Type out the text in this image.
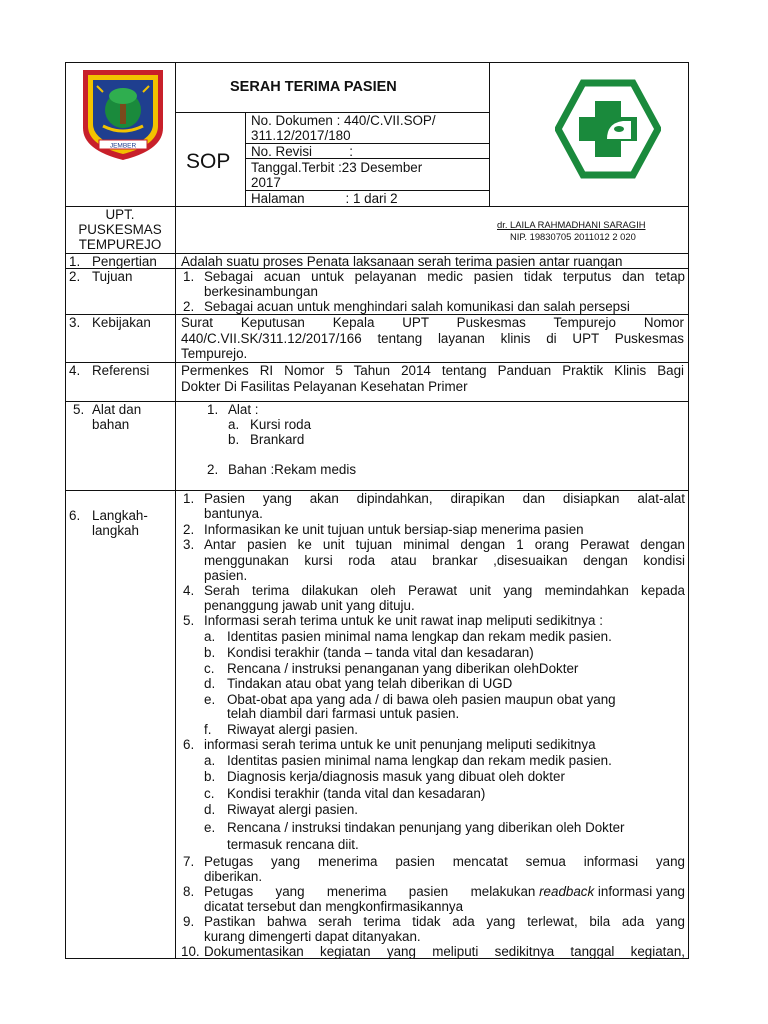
JEMBER
SERAH TERIMA PASIEN
SOP
No. Dokumen : 440/C.VII.SOP/
311.12/2017/180
No. Revisi          :
Tanggal.Terbit :23 Desember
2017
Halaman           : 1 dari 2
UPT.
PUSKESMAS
TEMPUREJO
dr. LAILA RAHMADHANI SARAGIH
NIP. 19830705 2011012 2 020
1. Pengertian Adalah suatu proses Penata laksanaan serah terima pasien antar ruangan
2. Tujuan	1. Sebagai acuan untuk pelayanan medic pasien tidak terputus dan tetap
berkesinambungan
2. Sebagai acuan untuk menghindari salah komunikasi dan salah persepsi
3. Kebijakan Surat Keputusan Kepala UPT Puskesmas Tempurejo Nomor
440/C.VII.SK/311.12/2017/166 tentang layanan klinis di UPT Puskesmas
Tempurejo.
4. Referensi Permenkes RI Nomor 5 Tahun 2014 tentang Panduan Praktik Klinis Bagi
Dokter Di Fasilitas Pelayanan Kesehatan Primer
5. Alat dan
bahan
1. Alat :
a. Kursi roda
b. Brankard
2. Bahan :Rekam medis
6. Langkah-
langkah
1. Pasien yang akan dipindahkan, dirapikan dan disiapkan alat-alat
bantunya.
2. Informasikan ke unit tujuan untuk bersiap-siap menerima pasien
3. Antar pasien ke unit tujuan minimal dengan 1 orang Perawat dengan
menggunakan kursi roda atau brankar ,disesuaikan dengan kondisi
pasien.
4. Serah terima dilakukan oleh Perawat unit yang memindahkan kepada
penanggung jawab unit yang dituju.
5. Informasi serah terima untuk ke unit rawat inap meliputi sedikitnya :
a. Identitas pasien minimal nama lengkap dan rekam medik pasien.
b. Kondisi terakhir (tanda – tanda vital dan kesadaran)
c. Rencana / instruksi penanganan yang diberikan olehDokter
d. Tindakan atau obat yang telah diberikan di UGD
e. Obat-obat apa yang ada / di bawa oleh pasien maupun obat yang
telah diambil dari farmasi untuk pasien.
f. Riwayat alergi pasien.
6. informasi serah terima untuk ke unit penunjang meliputi sedikitnya
a. Identitas pasien minimal nama lengkap dan rekam medik pasien.
b. Diagnosis kerja/diagnosis masuk yang dibuat oleh dokter
c. Kondisi terakhir (tanda vital dan kesadaran)
d. Riwayat alergi pasien.
e. Rencana / instruksi tindakan penunjang yang diberikan oleh Dokter
termasuk rencana diit.
7. Petugas yang menerima pasien mencatat semua informasi yang
diberikan.
8. Petugas yang menerima pasien melakukan readback informasi yang
dicatat tersebut dan mengkonfirmasikannya
9. Pastikan bahwa serah terima tidak ada yang terlewat, bila ada yang
kurang dimengerti dapat ditanyakan.
10. Dokumentasikan kegiatan yang meliputi sedikitnya tanggal kegiatan,
